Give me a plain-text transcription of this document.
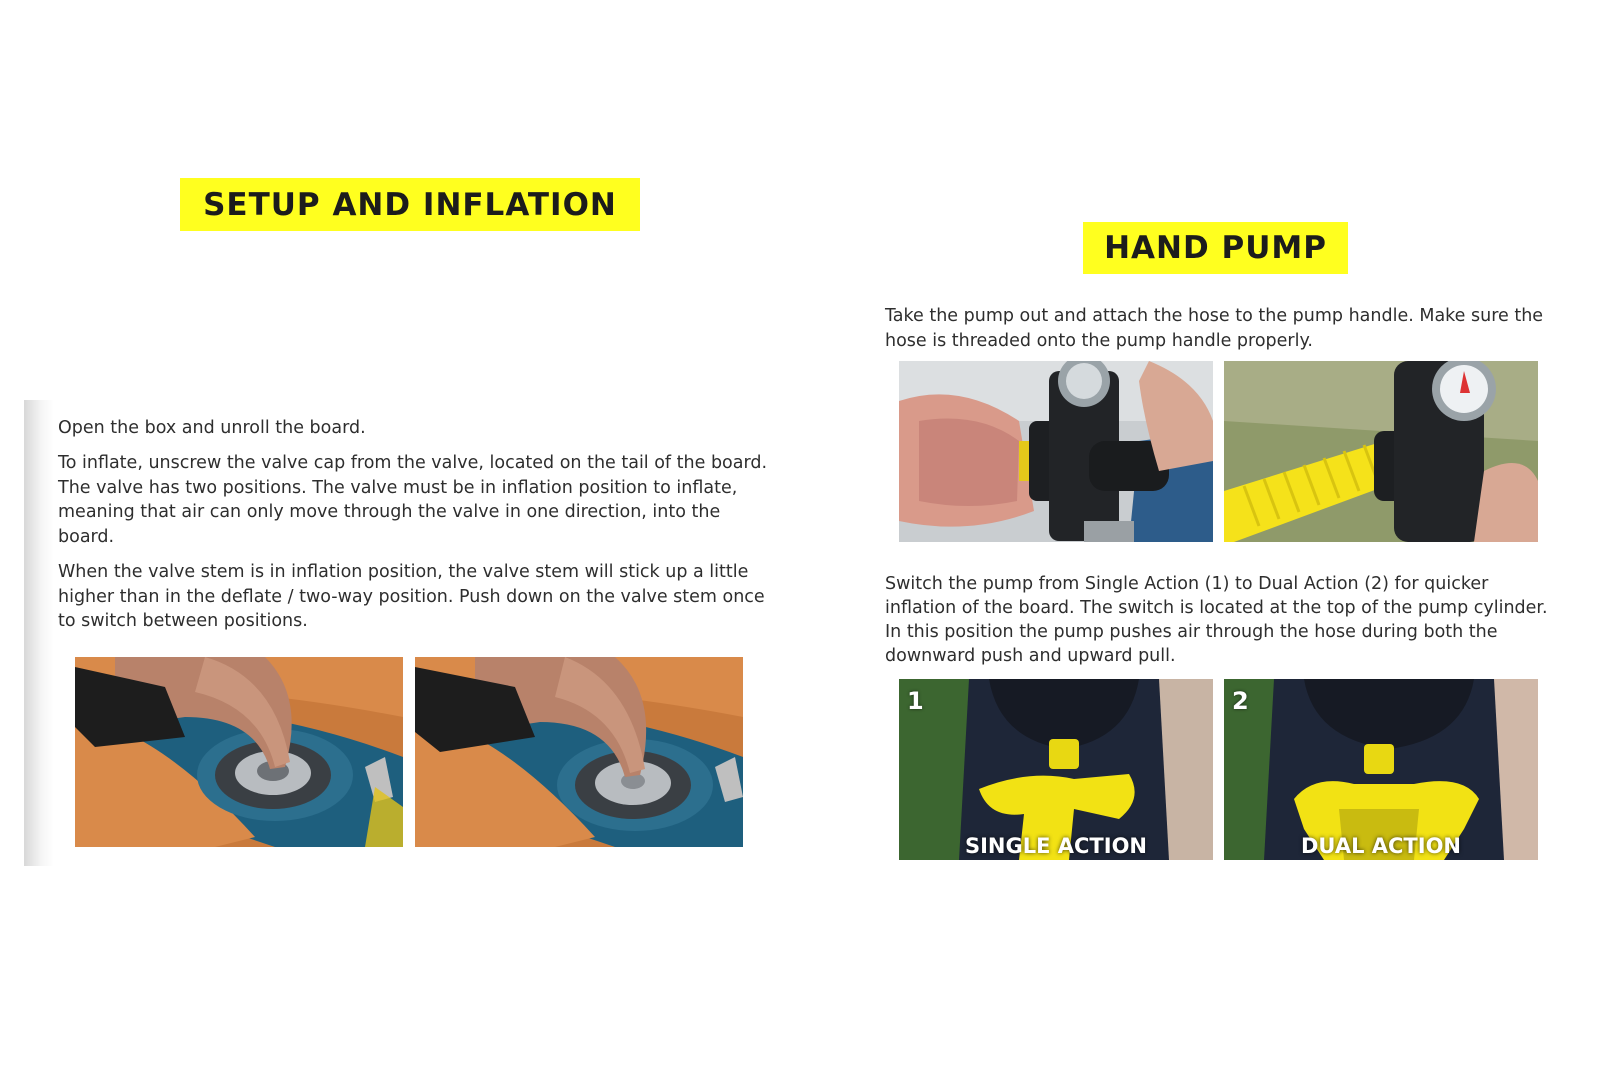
SETUP AND INFLATION

Open the box and unroll the board.

To inflate, unscrew the valve cap from the valve, located on the tail of the board. The valve has two positions. The valve must be in inflation position to inflate, meaning that air can only move through the valve in one direction, into the board.

When the valve stem is in inflation position, the valve stem will stick up a little higher than in the deflate / two-way position. Push down on the valve stem once to switch between positions.

HAND PUMP

Take the pump out and attach the hose to the pump handle. Make sure the hose is threaded onto the pump handle properly.

Switch the pump from Single Action (1) to Dual Action (2) for quicker inflation of the board. The switch is located at the top of the pump cylinder. In this position the pump pushes air through the hose during both the downward push and upward pull.

1
SINGLE ACTION
2
DUAL ACTION
